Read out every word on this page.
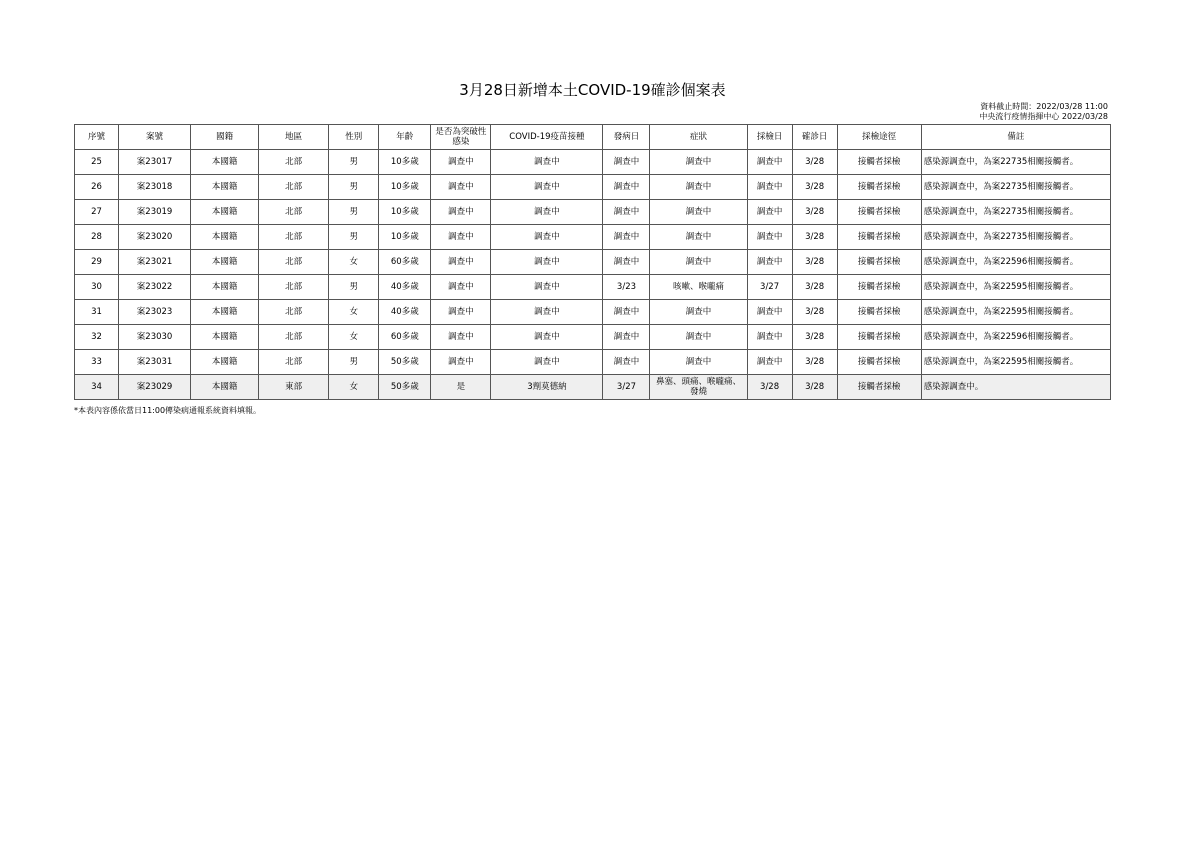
3月28日新增本土COVID-19確診個案表
資料截止時間：2022/03/28 11:00
中央流行疫情指揮中心 2022/03/28
序號	案號	國籍	地區	性別	年齡	是否為突破性感染	COVID-19疫苗接種	發病日	症狀	採檢日	確診日	採檢途徑	備註
25	案23017	本國籍	北部	男	10多歲	調查中	調查中	調查中	調查中	調查中	3/28	接觸者採檢	感染源調查中，為案22735相關接觸者。
26	案23018	本國籍	北部	男	10多歲	調查中	調查中	調查中	調查中	調查中	3/28	接觸者採檢	感染源調查中，為案22735相關接觸者。
27	案23019	本國籍	北部	男	10多歲	調查中	調查中	調查中	調查中	調查中	3/28	接觸者採檢	感染源調查中，為案22735相關接觸者。
28	案23020	本國籍	北部	男	10多歲	調查中	調查中	調查中	調查中	調查中	3/28	接觸者採檢	感染源調查中，為案22735相關接觸者。
29	案23021	本國籍	北部	女	60多歲	調查中	調查中	調查中	調查中	調查中	3/28	接觸者採檢	感染源調查中，為案22596相關接觸者。
30	案23022	本國籍	北部	男	40多歲	調查中	調查中	3/23	咳嗽、喉嚨痛	3/27	3/28	接觸者採檢	感染源調查中，為案22595相關接觸者。
31	案23023	本國籍	北部	女	40多歲	調查中	調查中	調查中	調查中	調查中	3/28	接觸者採檢	感染源調查中，為案22595相關接觸者。
32	案23030	本國籍	北部	女	60多歲	調查中	調查中	調查中	調查中	調查中	3/28	接觸者採檢	感染源調查中，為案22596相關接觸者。
33	案23031	本國籍	北部	男	50多歲	調查中	調查中	調查中	調查中	調查中	3/28	接觸者採檢	感染源調查中，為案22595相關接觸者。
34	案23029	本國籍	東部	女	50多歲	是	3劑莫德納	3/27	鼻塞、頭痛、喉嚨痛、發燒	3/28	3/28	接觸者採檢	感染源調查中。
*本表內容係依當日11:00傳染病通報系統資料填報。
